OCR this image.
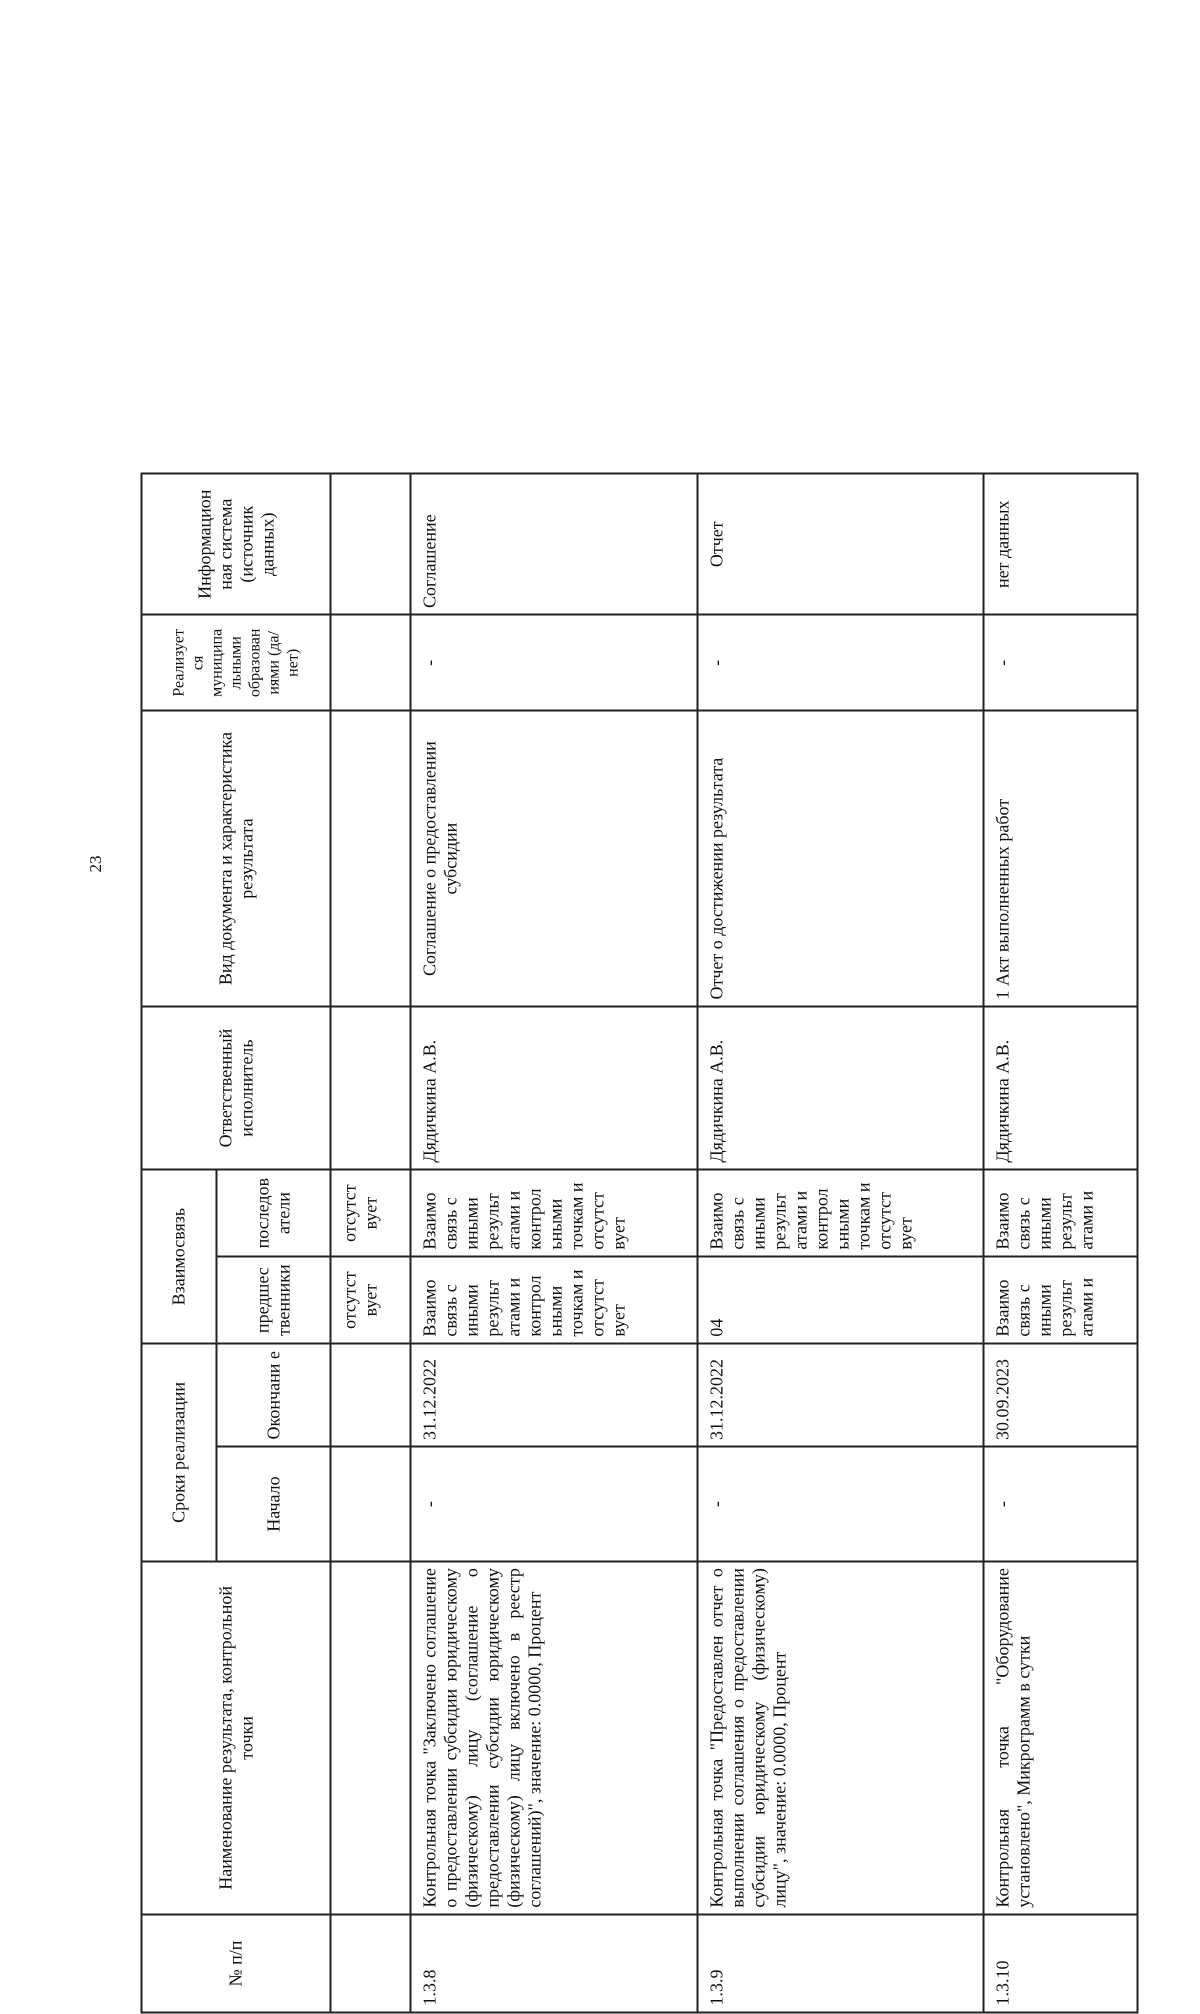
23
№ п/п	Наименование результата, контрольной точки	Сроки реализации		Взаимосвязь		Ответственный исполнитель	Вид документа и характеристика результата	Реализует ся муниципа льными образован иями (да/нет)	Информацион ная система (источник данных)
		Начало	Окончани е	предшес твенники	последов атели				
				отсутст вует	отсутст вует				
1.3.8	Контрольная точка "Заключено соглашение о предоставлении субсидии юридическому (физическому) лицу (соглашение о предоставлении субсидии юридическому (физическому) лицу включено в реестр соглашений)", значение: 0.0000, Процент	-	31.12.2022	Взаимо связь с иными результ атами и контрол ьными точкам и отсутст вует	Взаимо связь с иными результ атами и контрол ьными точкам и отсутст вует	Дядичкина А.В.	Соглашение о предоставлении субсидии	-	Соглашение
1.3.9	Контрольная точка "Предоставлен отчет о выполнении соглашения о предоставлении субсидии юридическому (физическому) лицу", значение: 0.0000, Процент	-	31.12.2022	04	Взаимо связь с иными результ атами и контрол ьными точкам и отсутст вует	Дядичкина А.В.	Отчет о достижении результата	-	Отчет
1.3.10	Контрольная точка "Оборудование установлено", Микрограмм в сутки	-	30.09.2023	Взаимо связь с иными результ атами и	Взаимо связь с иными результ атами и	Дядичкина А.В.	1 Акт выполненных работ	-	нет данных
